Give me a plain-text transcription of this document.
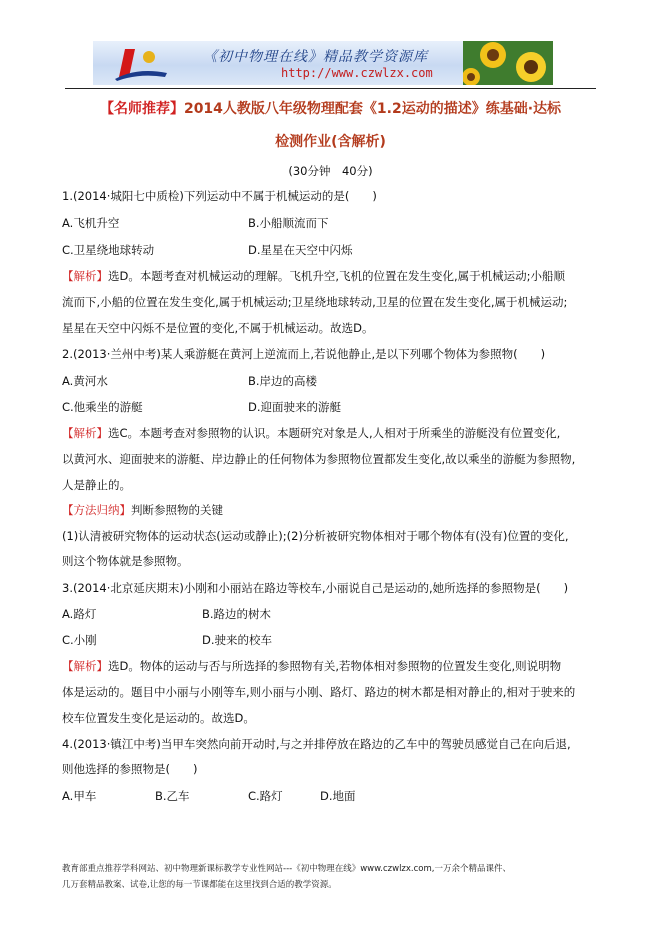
《初中物理在线》精品教学资源库
http://www.czwlzx.com
【名师推荐】2014人教版八年级物理配套《1.2运动的描述》练基础·达标
检测作业(含解析)
(30分钟　40分)
1.(2014·城阳七中质检)下列运动中不属于机械运动的是(　　)
A.飞机升空	B.小船顺流而下
C.卫星绕地球转动	D.星星在天空中闪烁
【解析】选D。本题考查对机械运动的理解。飞机升空,飞机的位置在发生变化,属于机械运动;小船顺
流而下,小船的位置在发生变化,属于机械运动;卫星绕地球转动,卫星的位置在发生变化,属于机械运动;
星星在天空中闪烁不是位置的变化,不属于机械运动。故选D。
2.(2013·兰州中考)某人乘游艇在黄河上逆流而上,若说他静止,是以下列哪个物体为参照物(　　)
A.黄河水	B.岸边的高楼
C.他乘坐的游艇	D.迎面驶来的游艇
【解析】选C。本题考查对参照物的认识。本题研究对象是人,人相对于所乘坐的游艇没有位置变化,
以黄河水、迎面驶来的游艇、岸边静止的任何物体为参照物位置都发生变化,故以乘坐的游艇为参照物,
人是静止的。
【方法归纳】判断参照物的关键
(1)认清被研究物体的运动状态(运动或静止);(2)分析被研究物体相对于哪个物体有(没有)位置的变化,
则这个物体就是参照物。
3.(2014·北京延庆期末)小刚和小丽站在路边等校车,小丽说自己是运动的,她所选择的参照物是(　　)
A.路灯	B.路边的树木
C.小刚	D.驶来的校车
【解析】选D。物体的运动与否与所选择的参照物有关,若物体相对参照物的位置发生变化,则说明物
体是运动的。题目中小丽与小刚等车,则小丽与小刚、路灯、路边的树木都是相对静止的,相对于驶来的
校车位置发生变化是运动的。故选D。
4.(2013·镇江中考)当甲车突然向前开动时,与之并排停放在路边的乙车中的驾驶员感觉自己在向后退,
则他选择的参照物是(　　)
A.甲车	B.乙车	C.路灯	D.地面
教育部重点推荐学科网站、初中物理新课标教学专业性网站---《初中物理在线》www.czwlzx.com,一万余个精品课件、
几万套精品教案、试卷,让您的每一节课都能在这里找到合适的教学资源。
